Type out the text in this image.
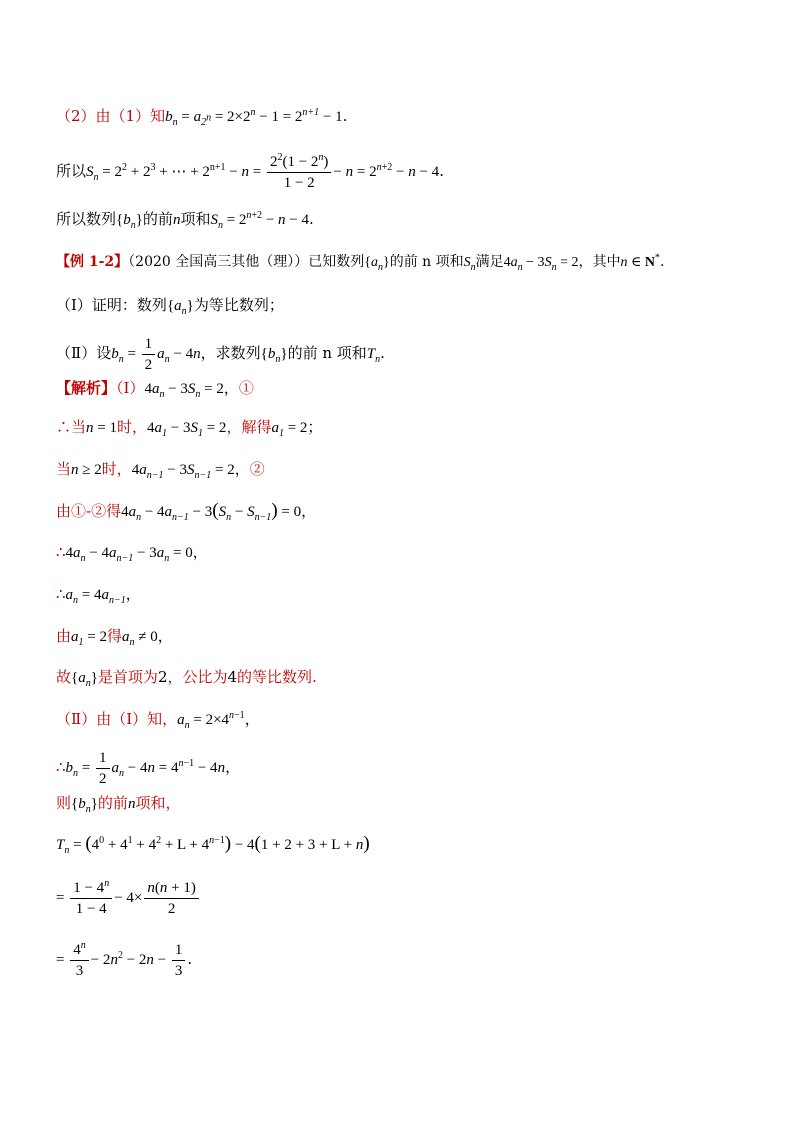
（2）由（1）知$b_n = a_{2^n} = 2\times 2^n - 1 = 2^{n+1} - 1$.
所以$S_n = 2^2 + 2^3$ + ⋯ + $2^{n+1} - n = \frac{2^2(1 - 2^n)}{1 - 2} - n = 2^{n+2} - n - 4$.
所以数列$\{b_n\}$的前n项和$S_n = 2^{n+2} - n - 4$.
【例 1-2】（2020 全国高三其他（理））已知数列$\{a_n\}$的前 n 项和$S_n$满足$4a_n - 3S_n = 2$，其中n ∈ N*.
（Ⅰ）证明：数列$\{a_n\}$为等比数列；
（Ⅱ）设$b_n = \frac{1}{2} a_n - 4n$，求数列$\{b_n\}$的前 n 项和$T_n$.
【解析】$(Ⅰ)4a_n - 3S_n = 2$，①
∴当n = 1时，$4a_1 - 3S_1 = 2$，解得$a_1 = 2$；
当n ≥ 2时，$4a_{n-1} - 3S_{n-1} = 2$，②
由①-②得$4a_n - 4a_{n-1} - 3(S_n - S_{n-1}) = 0$，
$\therefore 4a_n - 4a_{n-1} - 3a_n = 0$，
$\therefore a_n = 4a_{n-1}$，
由$a_1 = 2$得$a_n \ne 0$，
故$\{a_n\}$是首项为2，公比为4的等比数列.
（Ⅱ）由（Ⅰ）知，$a_n = 2\times 4^{n-1}$，
$\therefore b_n = \frac{1}{2} a_n - 4n = 4^{n-1} - 4n$，
则$\{b_n\}$的前n项和，
$T_n = (4^0 + 4^1 + 4^2 + L + 4^{n-1}) - 4(1 + 2 + 3 + L + n)$
= $\frac{1 - 4^n}{1 - 4} - 4\times \frac{n(n + 1)}{2}$
= $\frac{4^n}{3} - 2n^2 - 2n - \frac{1}{3}$ .
